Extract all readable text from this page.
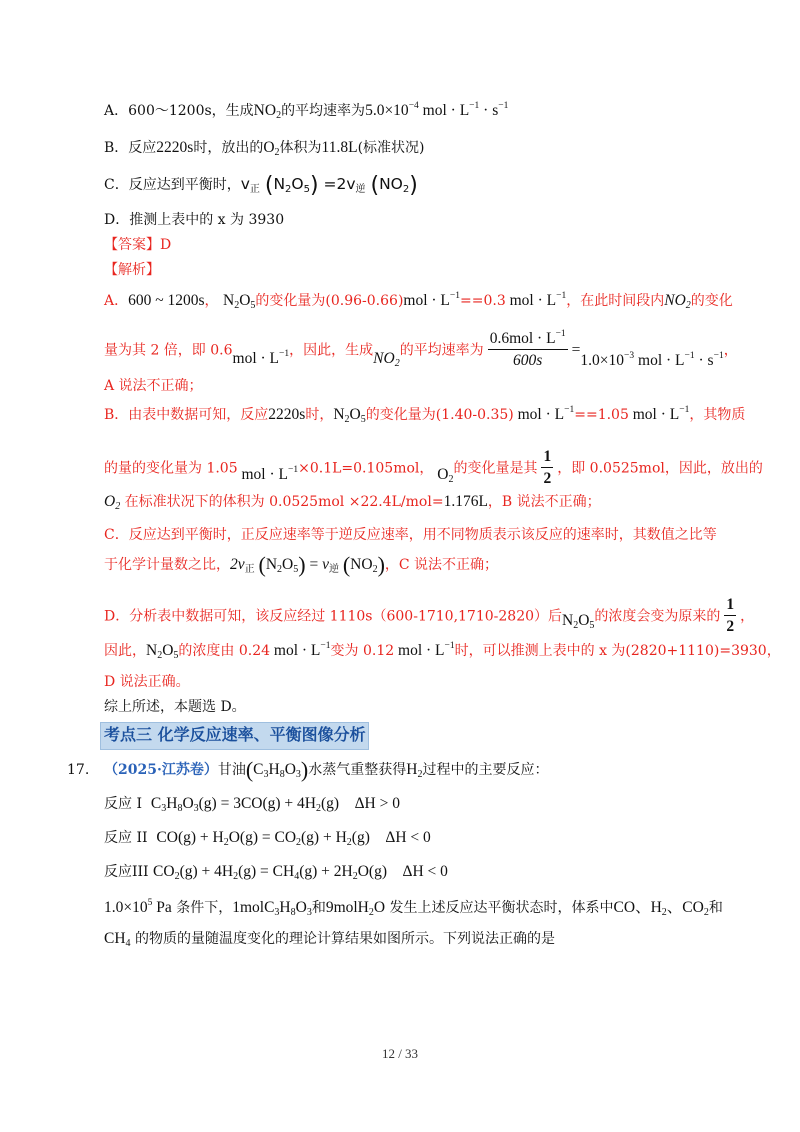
A．600～1200s，生成$NO_2$的平均速率为$5.0\times 10^{-4}$ mol · $L^{-1} \cdot s^{-1}$
B．反应2220s时，放出的$O_2$体积为11.8L(标准状况)
C．反应达到平衡时，$v_正$ $(N_2O_5) =2v_逆$ $(NO_2)$
D．推测上表中的 x 为 3930
【答案】D
【解析】
A．600 ~ 1200s， $N_2O_5$的变化量为$(0.96-0.66)mol \cdot L^{-1}==0.3$ mol · $L^{-1}$，在此时间段内$NO_2$的变化
量为其 2 倍，即 $0.6mol \cdot L^{-1}$，因此，生成$NO_2$的平均速率为 $\frac{0.6mol \cdot L^{-1}}{600s} =1.0\times 10^{-3}$ mol · $L^{-1} \cdot s^{-1}$，
A 说法不正确；
B．由表中数据可知，反应2220s时，$N_2O_5$的变化量为(1.40-0.35) mol · $L^{-1}==1.05$ mol · $L^{-1}$，其物质
的量的变化量为 1.05 mol · $L^{-1}\times 0.1L=0.105mol$， $O_2$的变化量是其 $\frac{1}{2}$ ，即 0.0525mol，因此，放出的
$O_2$ 在标准状况下的体积为 0.0525mol ×22.4L/mol=1.176L，B 说法不正确；
C．反应达到平衡时，正反应速率等于逆反应速率，用不同物质表示该反应的速率时，其数值之比等
于化学计量数之比，$2v_正$ $(N_2O_5) = v_逆$ $(NO_2)$，C 说法不正确；
D．分析表中数据可知，该反应经过 1110s（600-1710,1710-2820）后$N_2O_5$的浓度会变为原来的 $\frac{1}{2}$ ，
因此，$N_2O_5$的浓度由 0.24 mol · $L^{-1}$变为 0.12 mol · $L^{-1}$时，可以推测上表中的 x 为(2820+1110)=3930，
D 说法正确。
综上所述，本题选 D。
考点三 化学反应速率、平衡图像分析
17. （2025·江苏卷）甘油$(C_3H_8O_3)$水蒸气重整获得$H_2$过程中的主要反应：
反应 I $C_3H_8O_3(g) = 3CO(g) + 4H_2(g)$    ΔH > 0
反应 II $CO(g) + H_2O(g) = CO_2(g) + H_2(g)$    ΔH < 0
反应III $CO_2(g) + 4H_2(g) = CH_4(g) + 2H_2O(g)$    ΔH < 0
$1.0\times 10^5$ Pa 条件下，$1molC_3H_8O_3$和9molH$_2$O 发生上述反应达平衡状态时，体系中CO、$H_2$、$CO_2$和
$CH_4$ 的物质的量随温度变化的理论计算结果如图所示。下列说法正确的是
12 / 33
